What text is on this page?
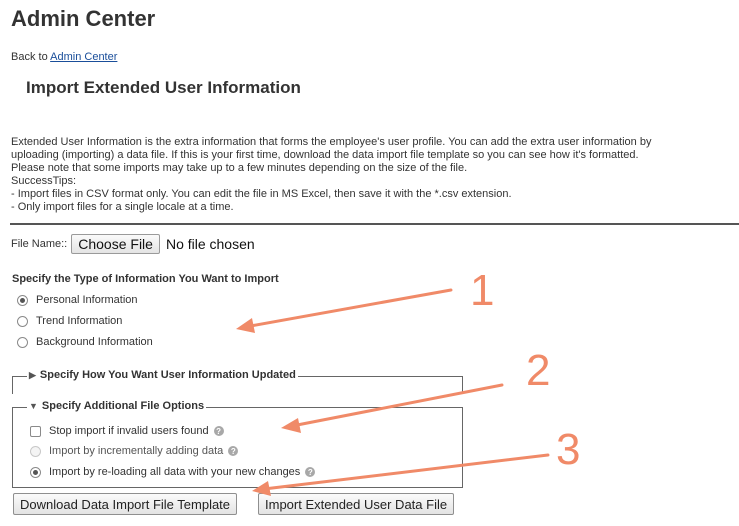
Admin Center
Back to Admin Center
Import Extended User Information

Extended User Information is the extra information that forms the employee's user profile. You can add the extra user information by

uploading (importing) a data file. If this is your first time, download the data import file template so you can see how it's formatted.

Please note that some imports may take up to a few minutes depending on the size of the file.

SuccessTips:

- Import files in CSV format only. You can edit the file in MS Excel, then save it with the *.csv extension.

- Only import files for a single locale at a time.

File Name:: Choose File No file chosen
Specify the Type of Information You Want to Import
Personal Information
Trend Information
Background Information
▶ Specify How You Want User Information Updated
▼ Specify Additional File Options
Stop import if invalid users found ?
Import by incrementally adding data ?
Import by re-loading all data with your new changes ?
Download Data Import File Template	Import Extended User Data File
1
2
3
